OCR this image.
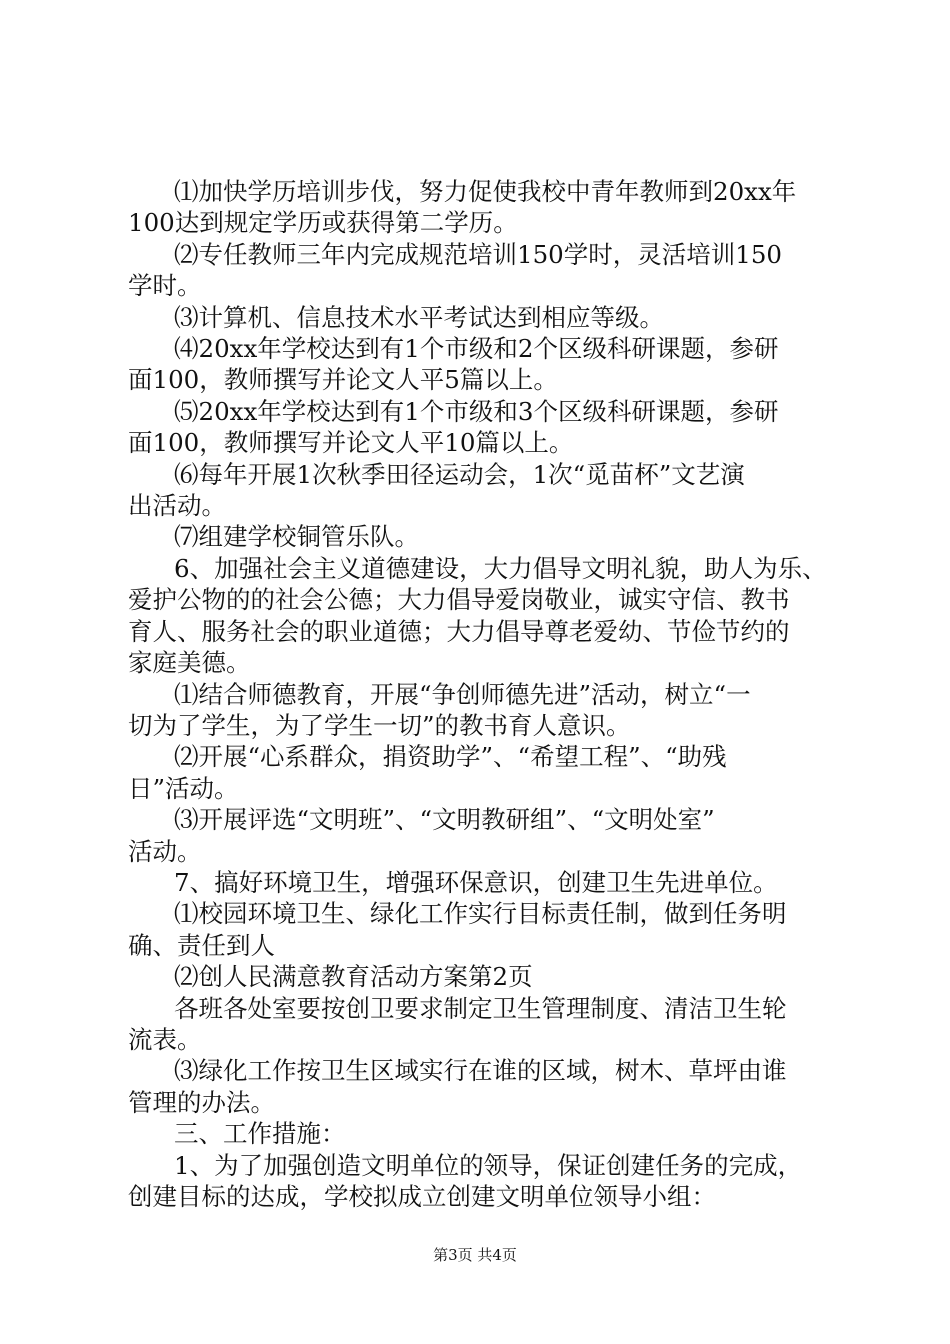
⑴加快学历培训步伐，努力促使我校中青年教师到20xx年
100达到规定学历或获得第二学历。
⑵专任教师三年内完成规范培训150学时，灵活培训150
学时。
⑶计算机、信息技术水平考试达到相应等级。
⑷20xx年学校达到有1个市级和2个区级科研课题，参研
面100，教师撰写并论文人平5篇以上。
⑸20xx年学校达到有1个市级和3个区级科研课题，参研
面100，教师撰写并论文人平10篇以上。
⑹每年开展1次秋季田径运动会，1次“觅苗杯”文艺演
出活动。
⑺组建学校铜管乐队。
6、加强社会主义道德建设，大力倡导文明礼貌，助人为乐、
爱护公物的的社会公德；大力倡导爱岗敬业，诚实守信、教书
育人、服务社会的职业道德；大力倡导尊老爱幼、节俭节约的
家庭美德。
⑴结合师德教育，开展“争创师德先进”活动，树立“一
切为了学生，为了学生一切”的教书育人意识。
⑵开展“心系群众，捐资助学”、“希望工程”、“助残
日”活动。
⑶开展评选“文明班”、“文明教研组”、“文明处室”
活动。
7、搞好环境卫生，增强环保意识，创建卫生先进单位。
⑴校园环境卫生、绿化工作实行目标责任制，做到任务明
确、责任到人
⑵创人民满意教育活动方案第2页
各班各处室要按创卫要求制定卫生管理制度、清洁卫生轮
流表。
⑶绿化工作按卫生区域实行在谁的区域，树木、草坪由谁
管理的办法。
三、工作措施：
1、为了加强创造文明单位的领导，保证创建任务的完成，
创建目标的达成，学校拟成立创建文明单位领导小组：
第3页 共4页
